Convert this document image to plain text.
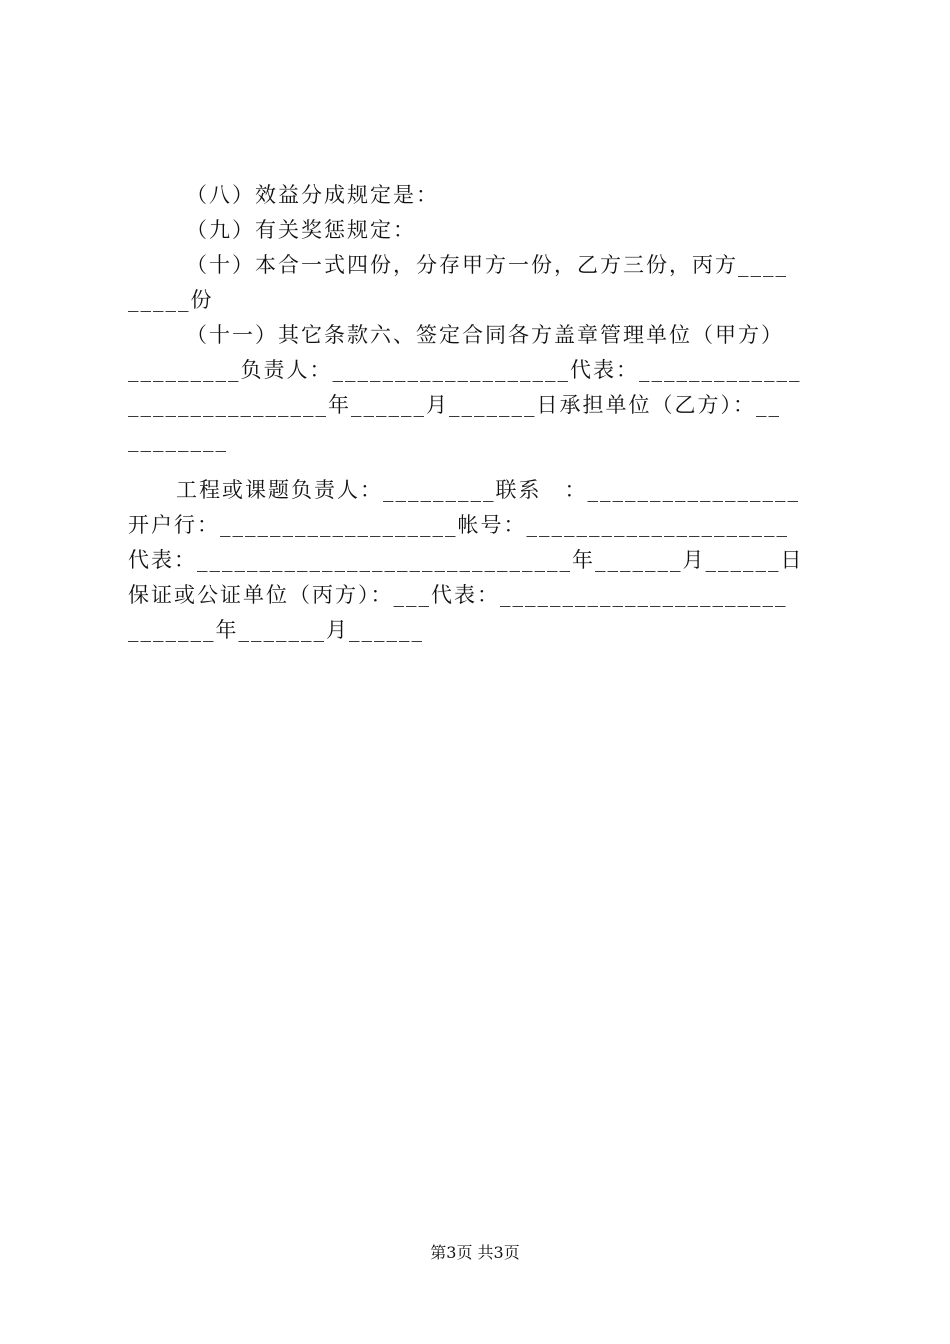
（八）效益分成规定是：
（九）有关奖惩规定：
（十）本合一式四份，分存甲方一份，乙方三份，丙方____
_____份
（十一）其它条款六、签定合同各方盖章管理单位（甲方）
_________负责人：___________________代表：_____________
________________年______月_______日承担单位（乙方）：__
________
工程或课题负责人：_________联系　：_________________
开户行：___________________帐号：_____________________
代表：______________________________年_______月______日
保证或公证单位（丙方）：___代表：_______________________
_______年_______月______
第3页 共3页
